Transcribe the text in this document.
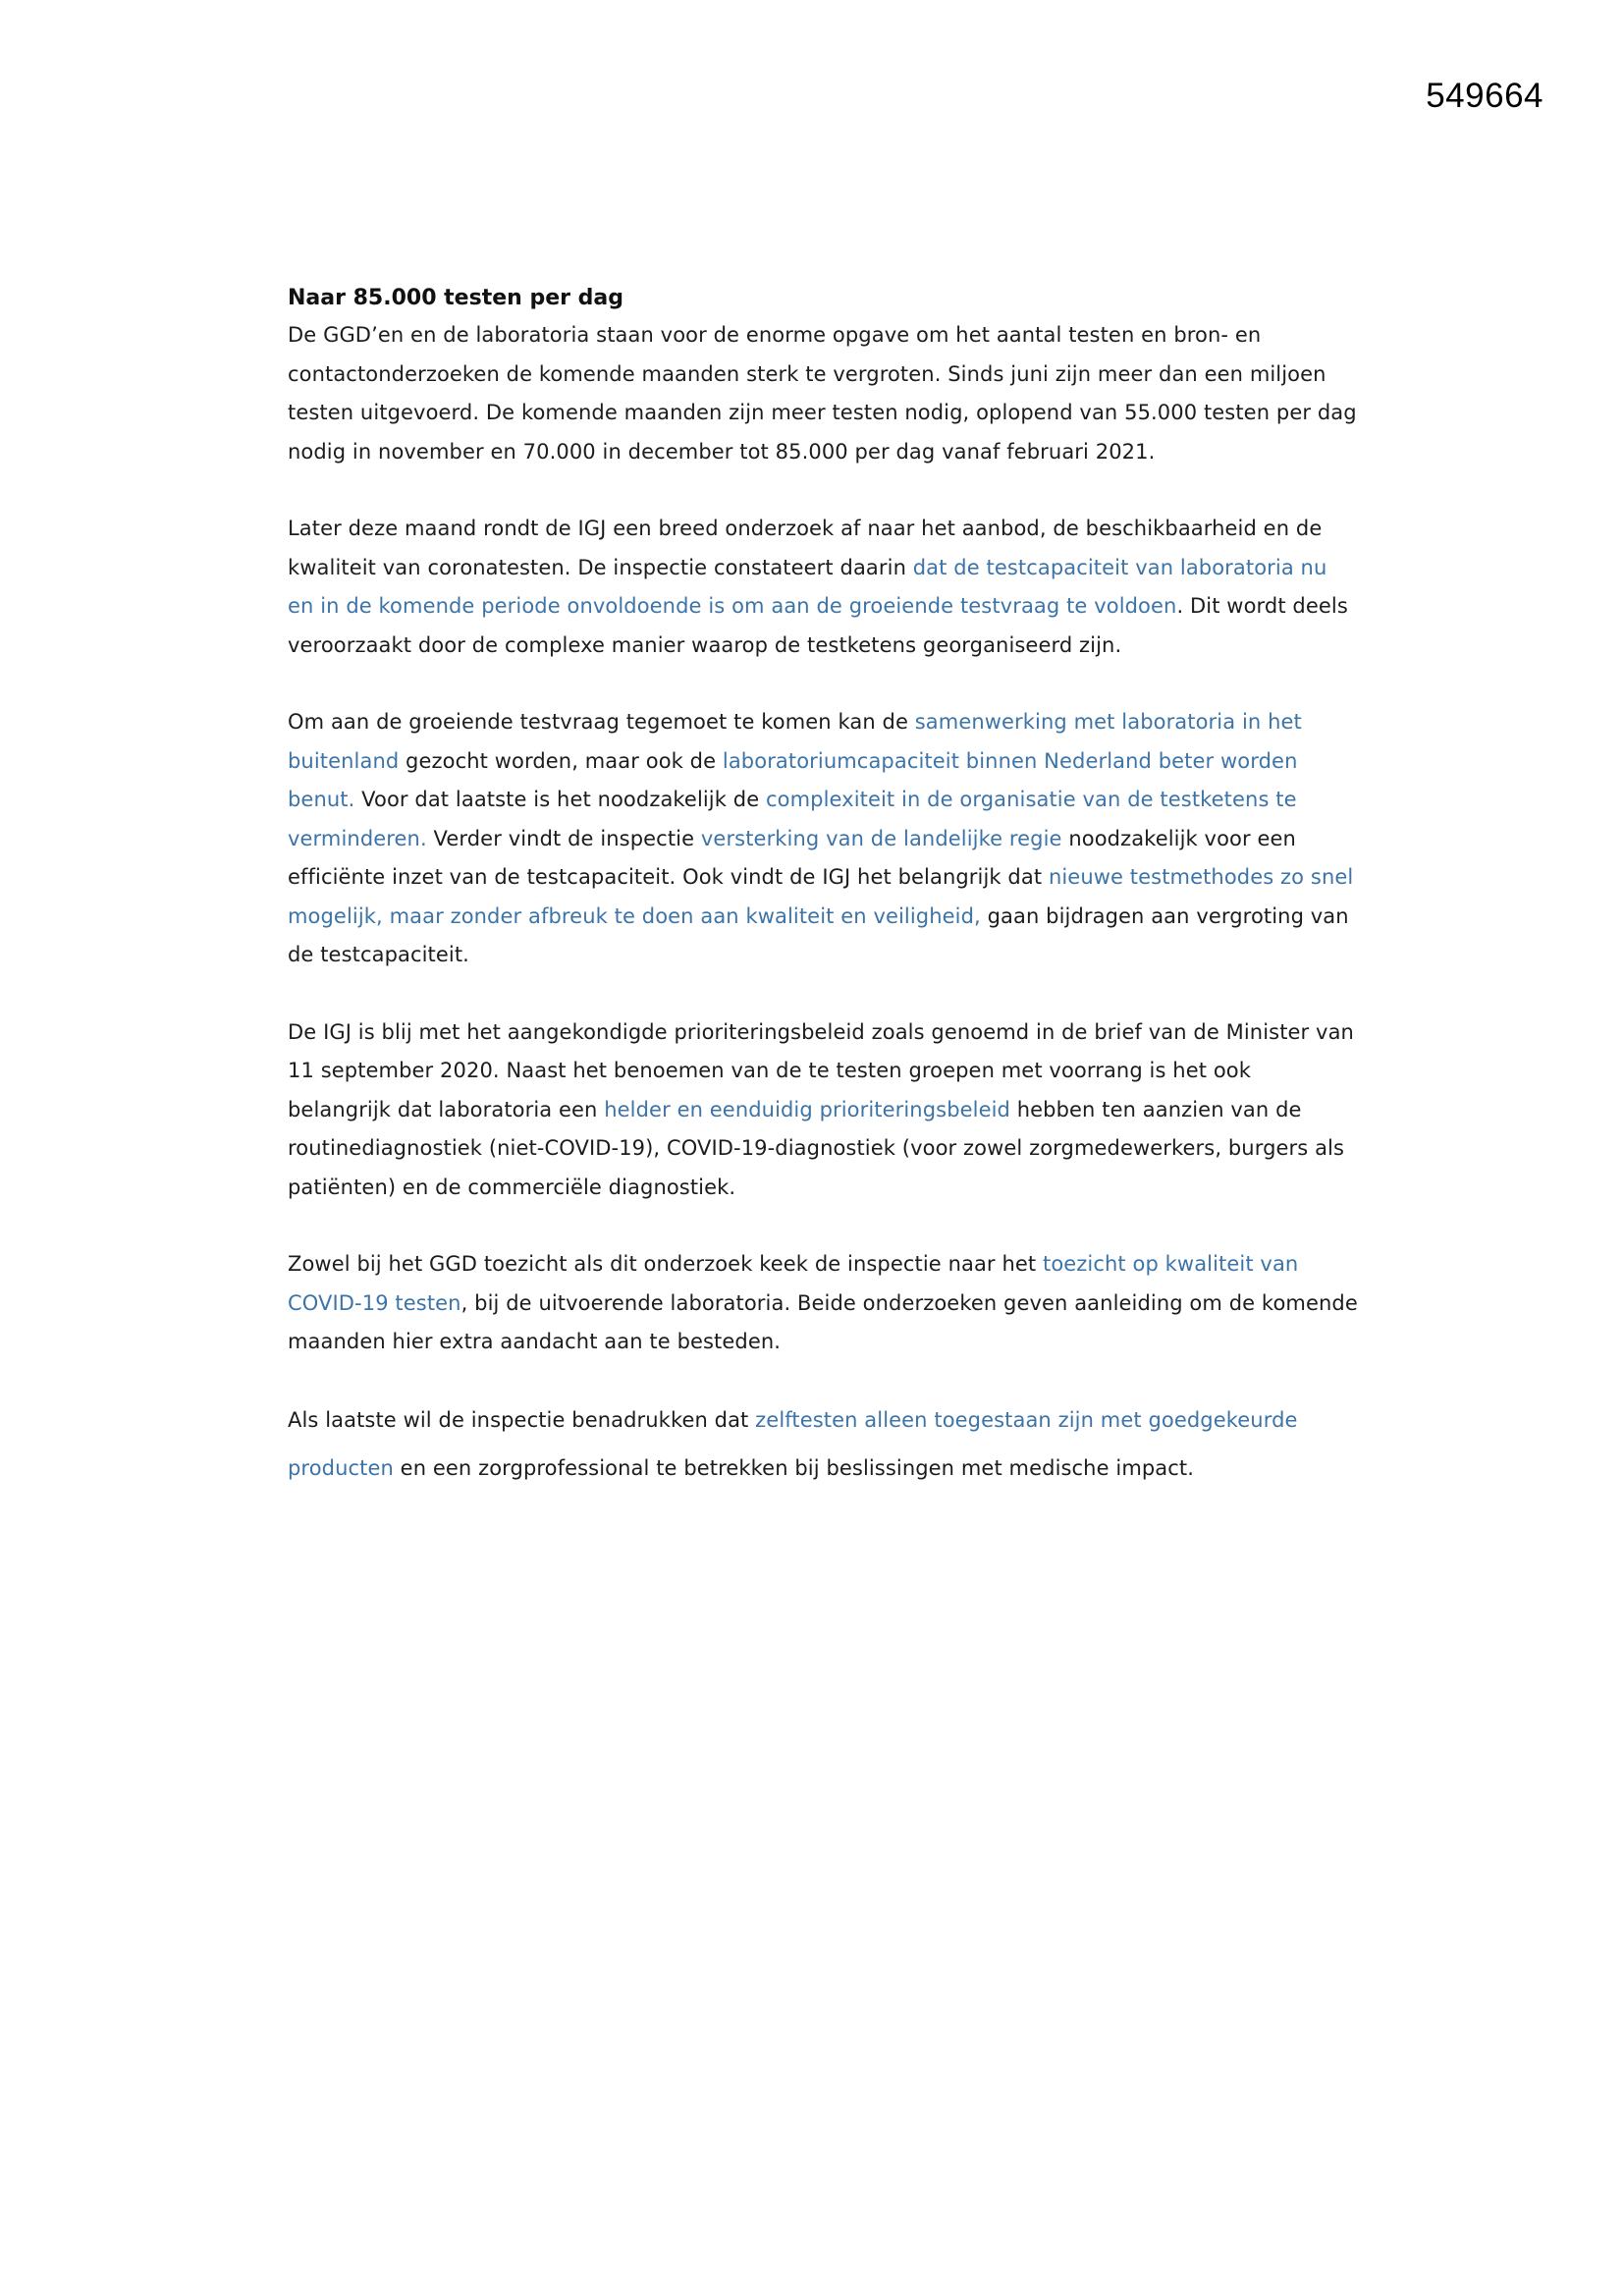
549664
Naar 85.000 testen per dag

De GGD’en en de laboratoria staan voor de enorme opgave om het aantal testen en bron- en contactonderzoeken de komende maanden sterk te vergroten. Sinds juni zijn meer dan een miljoen testen uitgevoerd. De komende maanden zijn meer testen nodig, oplopend van 55.000 testen per dag nodig in november en 70.000 in december tot 85.000 per dag vanaf februari 2021.

Later deze maand rondt de IGJ een breed onderzoek af naar het aanbod, de beschikbaarheid en de kwaliteit van coronatesten. De inspectie constateert daarin dat de testcapaciteit van laboratoria nu en in de komende periode onvoldoende is om aan de groeiende testvraag te voldoen. Dit wordt deels veroorzaakt door de complexe manier waarop de testketens georganiseerd zijn.

Om aan de groeiende testvraag tegemoet te komen kan de samenwerking met laboratoria in het buitenland gezocht worden, maar ook de laboratoriumcapaciteit binnen Nederland beter worden benut. Voor dat laatste is het noodzakelijk de complexiteit in de organisatie van de testketens te verminderen. Verder vindt de inspectie versterking van de landelijke regie noodzakelijk voor een efficiënte inzet van de testcapaciteit. Ook vindt de IGJ het belangrijk dat nieuwe testmethodes zo snel mogelijk, maar zonder afbreuk te doen aan kwaliteit en veiligheid, gaan bijdragen aan vergroting van de testcapaciteit.

De IGJ is blij met het aangekondigde prioriteringsbeleid zoals genoemd in de brief van de Minister van 11 september 2020. Naast het benoemen van de te testen groepen met voorrang is het ook belangrijk dat laboratoria een helder en eenduidig prioriteringsbeleid hebben ten aanzien van de routinediagnostiek (niet-COVID-19), COVID-19-diagnostiek (voor zowel zorgmedewerkers, burgers als patiënten) en de commerciële diagnostiek.

Zowel bij het GGD toezicht als dit onderzoek keek de inspectie naar het toezicht op kwaliteit van COVID-19 testen, bij de uitvoerende laboratoria. Beide onderzoeken geven aanleiding om de komende maanden hier extra aandacht aan te besteden.

Als laatste wil de inspectie benadrukken dat zelftesten alleen toegestaan zijn met goedgekeurde producten en een zorgprofessional te betrekken bij beslissingen met medische impact.
